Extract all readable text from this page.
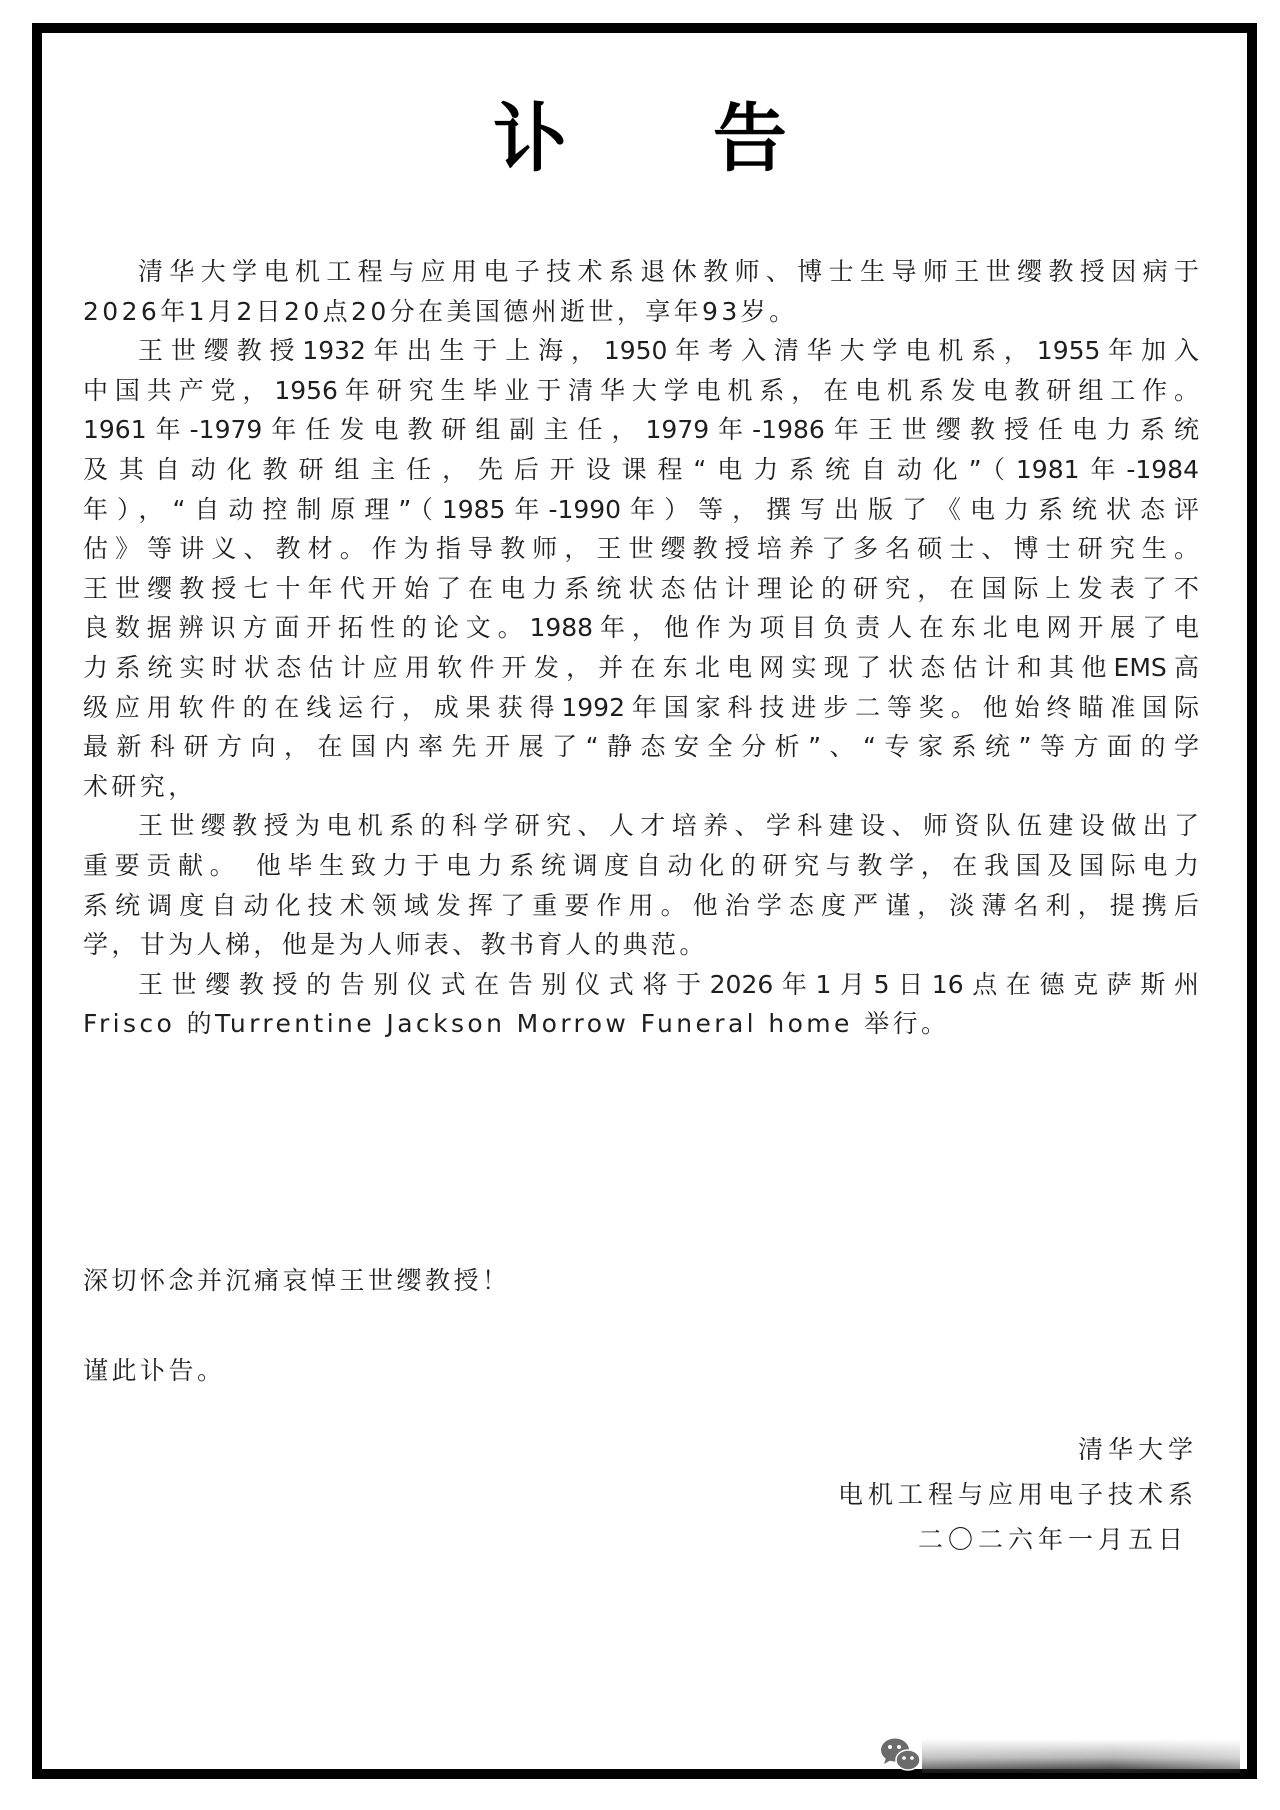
讣 告
清华大学电机工程与应用电子技术系退休教师、博士生导师王世缨教授因病于
2026年1月2日20点20分在美国德州逝世，享年93岁。
王世缨教授1932年出生于上海，1950年考入清华大学电机系，1955年加入
中国共产党，1956年研究生毕业于清华大学电机系，在电机系发电教研组工作。
1961年-1979年任发电教研组副主任，1979年-1986年王世缨教授任电力系统
及其自动化教研组主任，先后开设课程“电力系统自动化”（1981年-1984
年），“自动控制原理”（1985年-1990年）等，撰写出版了《电力系统状态评
估》等讲义、教材。作为指导教师，王世缨教授培养了多名硕士、博士研究生。
王世缨教授七十年代开始了在电力系统状态估计理论的研究，在国际上发表了不
良数据辨识方面开拓性的论文。1988年，他作为项目负责人在东北电网开展了电
力系统实时状态估计应用软件开发，并在东北电网实现了状态估计和其他EMS高
级应用软件的在线运行，成果获得1992年国家科技进步二等奖。他始终瞄准国际
最新科研方向，在国内率先开展了“静态安全分析”、“专家系统”等方面的学
术研究，
王世缨教授为电机系的科学研究、人才培养、学科建设、师资队伍建设做出了
重要贡献。 他毕生致力于电力系统调度自动化的研究与教学，在我国及国际电力
系统调度自动化技术领域发挥了重要作用。他治学态度严谨，淡薄名利，提携后
学，甘为人梯，他是为人师表、教书育人的典范。
王世缨教授的告别仪式在告别仪式将于2026年1月5日16点在德克萨斯州
Frisco 的Turrentine Jackson Morrow Funeral home 举行。
深切怀念并沉痛哀悼王世缨教授！
谨此讣告。
清华大学
电机工程与应用电子技术系
二〇二六年一月五日
